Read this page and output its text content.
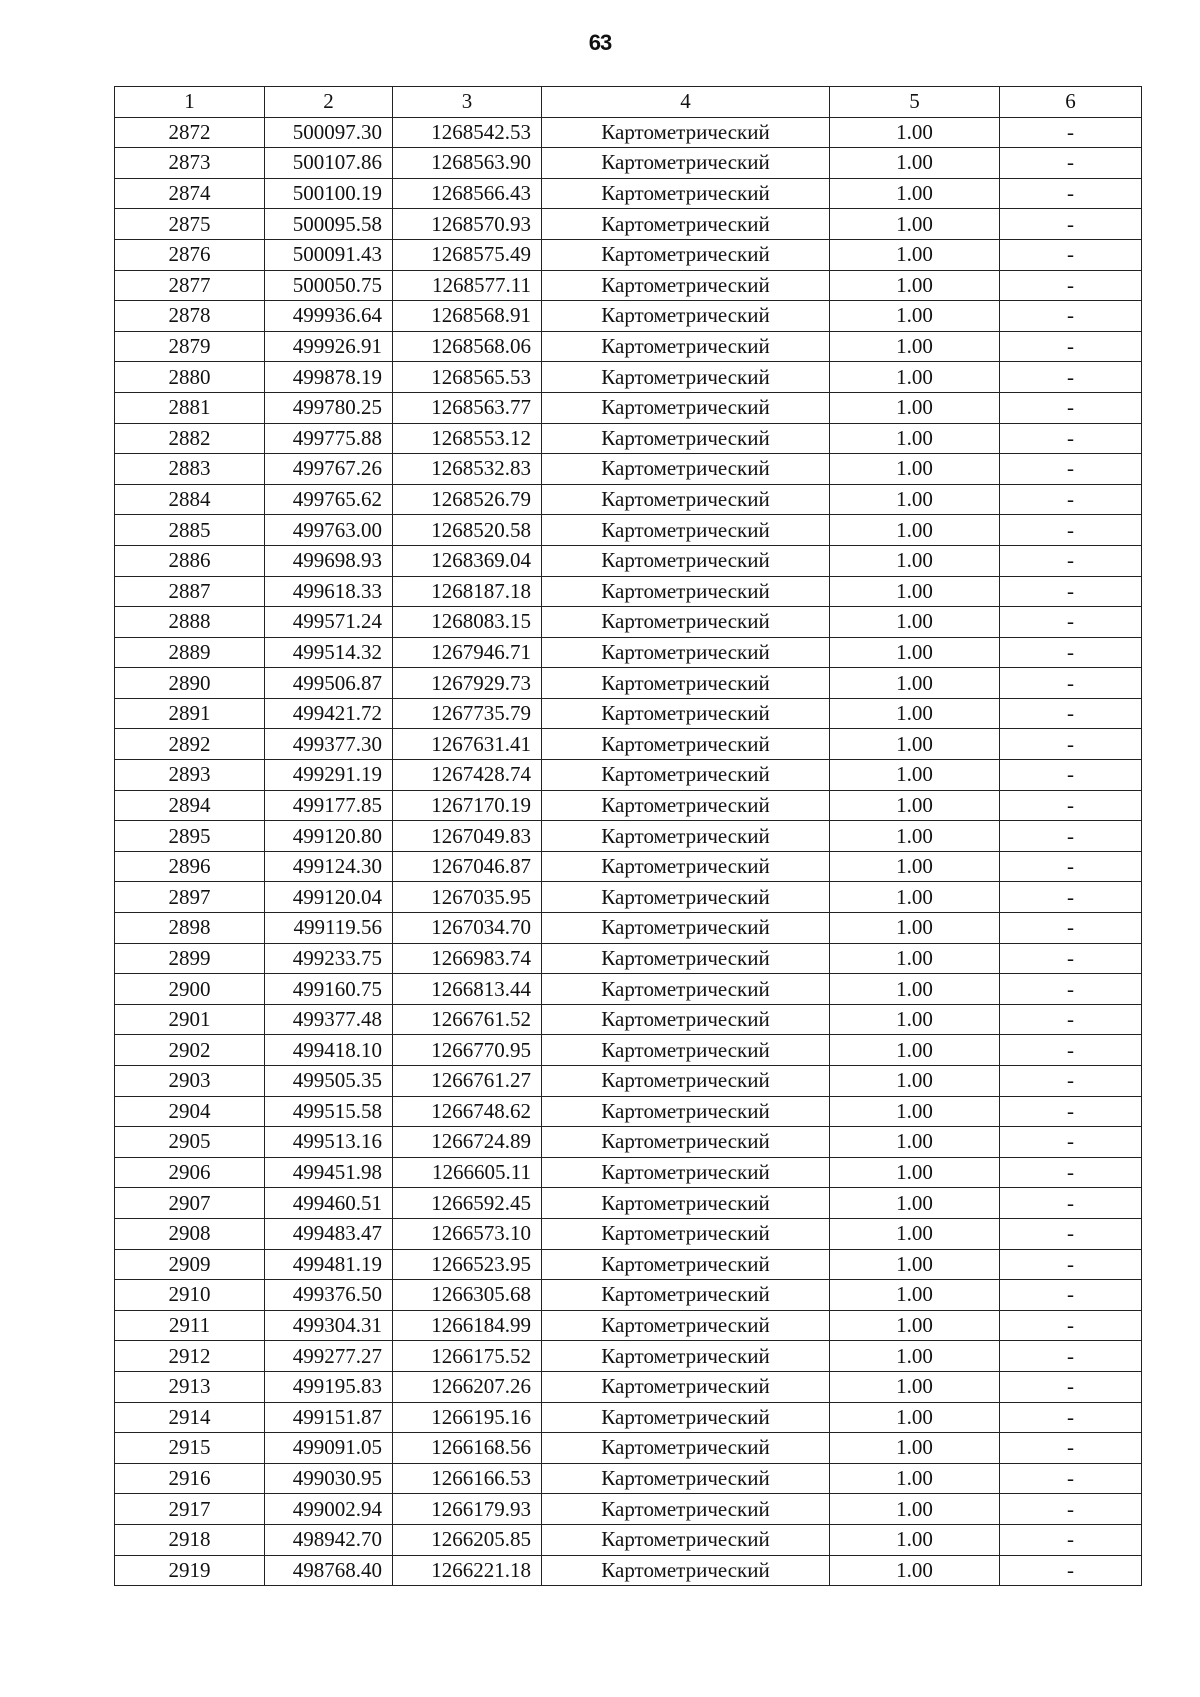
63
1	2	3	4	5	6
2872	500097.30	1268542.53	Картометрический	1.00	-
2873	500107.86	1268563.90	Картометрический	1.00	-
2874	500100.19	1268566.43	Картометрический	1.00	-
2875	500095.58	1268570.93	Картометрический	1.00	-
2876	500091.43	1268575.49	Картометрический	1.00	-
2877	500050.75	1268577.11	Картометрический	1.00	-
2878	499936.64	1268568.91	Картометрический	1.00	-
2879	499926.91	1268568.06	Картометрический	1.00	-
2880	499878.19	1268565.53	Картометрический	1.00	-
2881	499780.25	1268563.77	Картометрический	1.00	-
2882	499775.88	1268553.12	Картометрический	1.00	-
2883	499767.26	1268532.83	Картометрический	1.00	-
2884	499765.62	1268526.79	Картометрический	1.00	-
2885	499763.00	1268520.58	Картометрический	1.00	-
2886	499698.93	1268369.04	Картометрический	1.00	-
2887	499618.33	1268187.18	Картометрический	1.00	-
2888	499571.24	1268083.15	Картометрический	1.00	-
2889	499514.32	1267946.71	Картометрический	1.00	-
2890	499506.87	1267929.73	Картометрический	1.00	-
2891	499421.72	1267735.79	Картометрический	1.00	-
2892	499377.30	1267631.41	Картометрический	1.00	-
2893	499291.19	1267428.74	Картометрический	1.00	-
2894	499177.85	1267170.19	Картометрический	1.00	-
2895	499120.80	1267049.83	Картометрический	1.00	-
2896	499124.30	1267046.87	Картометрический	1.00	-
2897	499120.04	1267035.95	Картометрический	1.00	-
2898	499119.56	1267034.70	Картометрический	1.00	-
2899	499233.75	1266983.74	Картометрический	1.00	-
2900	499160.75	1266813.44	Картометрический	1.00	-
2901	499377.48	1266761.52	Картометрический	1.00	-
2902	499418.10	1266770.95	Картометрический	1.00	-
2903	499505.35	1266761.27	Картометрический	1.00	-
2904	499515.58	1266748.62	Картометрический	1.00	-
2905	499513.16	1266724.89	Картометрический	1.00	-
2906	499451.98	1266605.11	Картометрический	1.00	-
2907	499460.51	1266592.45	Картометрический	1.00	-
2908	499483.47	1266573.10	Картометрический	1.00	-
2909	499481.19	1266523.95	Картометрический	1.00	-
2910	499376.50	1266305.68	Картометрический	1.00	-
2911	499304.31	1266184.99	Картометрический	1.00	-
2912	499277.27	1266175.52	Картометрический	1.00	-
2913	499195.83	1266207.26	Картометрический	1.00	-
2914	499151.87	1266195.16	Картометрический	1.00	-
2915	499091.05	1266168.56	Картометрический	1.00	-
2916	499030.95	1266166.53	Картометрический	1.00	-
2917	499002.94	1266179.93	Картометрический	1.00	-
2918	498942.70	1266205.85	Картометрический	1.00	-
2919	498768.40	1266221.18	Картометрический	1.00	-
